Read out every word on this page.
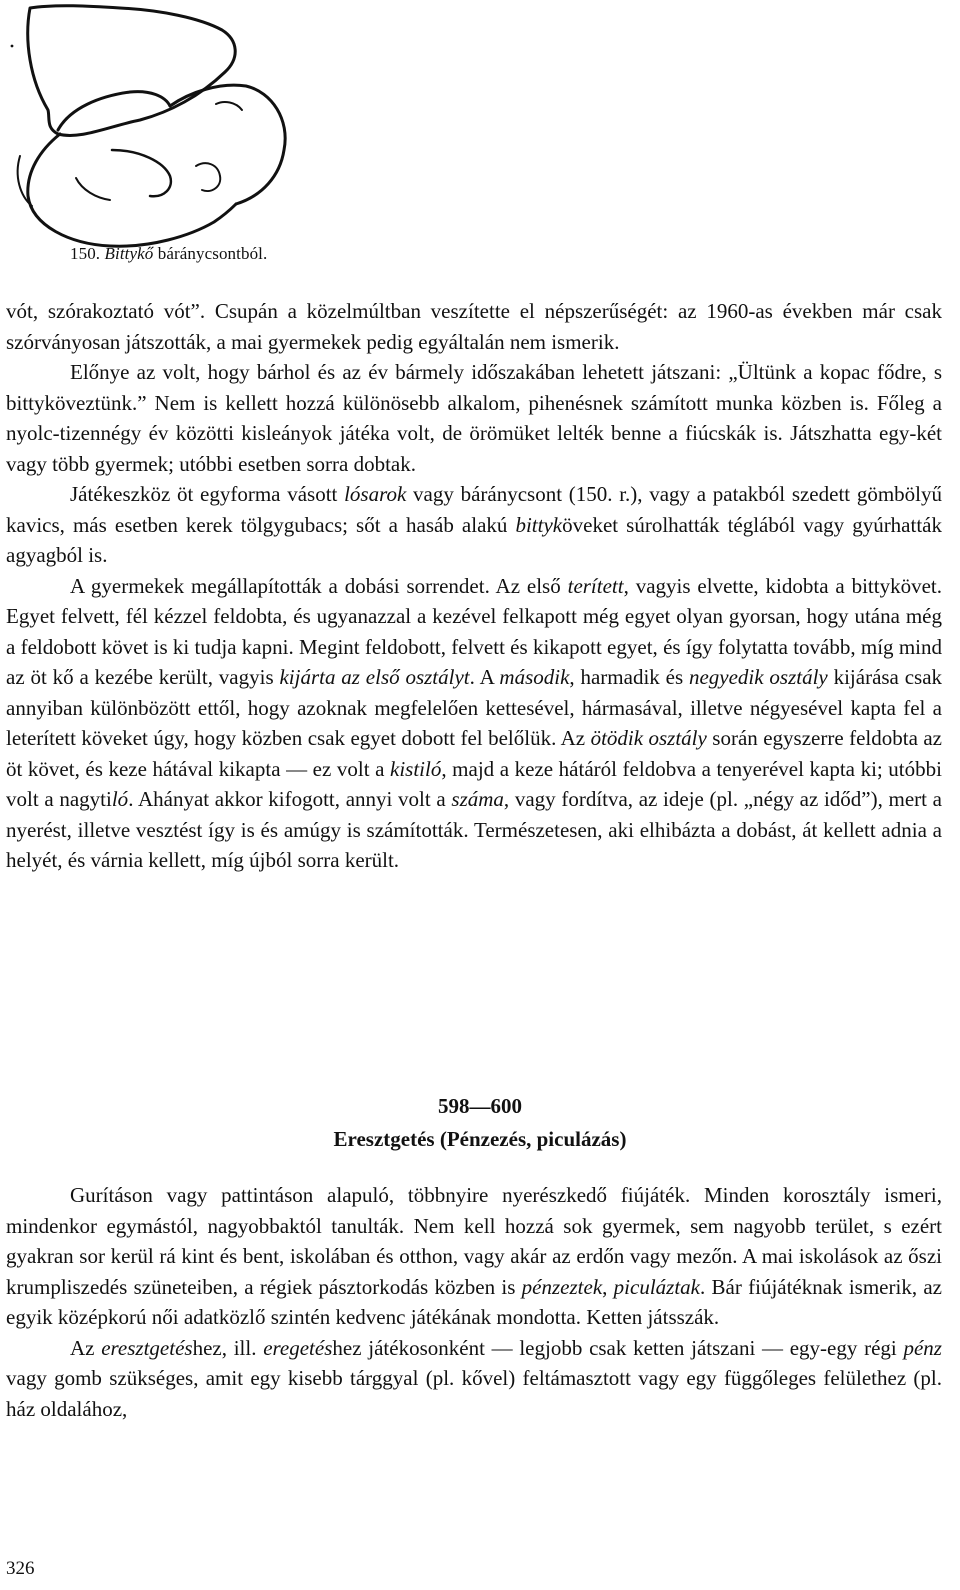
150. Bittykő báránycsontból.

vót, szórakoztató vót”. Csupán a közelmúltban veszítette el népszerűségét: az 1960-as években már csak szórványosan játszották, a mai gyermekek pedig egyáltalán nem ismerik.

Előnye az volt, hogy bárhol és az év bármely időszakában lehetett játszani: „Ültünk a kopac fődre, s bittyköveztünk.” Nem is kellett hozzá különösebb alkalom, pihenésnek számított munka közben is. Főleg a nyolc-tizennégy év közötti kisleányok játéka volt, de örömüket lelték benne a fiúcskák is. Játszhatta egy-két vagy több gyermek; utóbbi esetben sorra dobtak.

Játékeszköz öt egyforma vásott lósarok vagy báránycsont (150. r.), vagy a patakból szedett gömbölyű kavics, más esetben kerek tölgygubacs; sőt a hasáb alakú bittyköveket súrolhatták téglából vagy gyúrhatták agyagból is.

A gyermekek megállapították a dobási sorrendet. Az első terített, vagyis elvette, kidobta a bittykövet. Egyet felvett, fél kézzel feldobta, és ugyanazzal a kezével felkapott még egyet olyan gyorsan, hogy utána még a feldobott követ is ki tudja kapni. Megint feldobott, felvett és kikapott egyet, és így folytatta tovább, míg mind az öt kő a kezébe került, vagyis kijárta az első osztályt. A második, harmadik és negyedik osztály kijárása csak annyiban különbözött ettől, hogy azoknak megfelelően kettesével, hármasával, illetve négyesével kapta fel a leterített köveket úgy, hogy közben csak egyet dobott fel belőlük. Az ötödik osztály során egyszerre feldobta az öt követ, és keze hátával kikapta — ez volt a kistiló, majd a keze hátáról feldobva a tenyerével kapta ki; utóbbi volt a nagytiló. Ahányat akkor kifogott, annyi volt a száma, vagy fordítva, az ideje (pl. „négy az időd”), mert a nyerést, illetve vesztést így is és amúgy is számították. Természetesen, aki elhibázta a dobást, át kellett adnia a helyét, és várnia kellett, míg újból sorra került.

598—600
Eresztgetés (Pénzezés, piculázás)

Gurításon vagy pattintáson alapuló, többnyire nyerészkedő fiújáték. Minden korosztály ismeri, mindenkor egymástól, nagyobbaktól tanulták. Nem kell hozzá sok gyermek, sem nagyobb terület, s ezért gyakran sor kerül rá kint és bent, iskolában és otthon, vagy akár az erdőn vagy mezőn. A mai iskolások az őszi krumpliszedés szüneteiben, a régiek pásztorkodás közben is pénzeztek, piculáztak. Bár fiújátéknak ismerik, az egyik középkorú női adatközlő szintén kedvenc játékának mondotta. Ketten játsszák.

Az eresztgetéshez, ill. eregetéshez játékosonként — legjobb csak ketten játszani — egy-egy régi pénz vagy gomb szükséges, amit egy kisebb tárggyal (pl. kővel) feltámasztott vagy egy függőleges felülethez (pl. ház oldalához,

326
